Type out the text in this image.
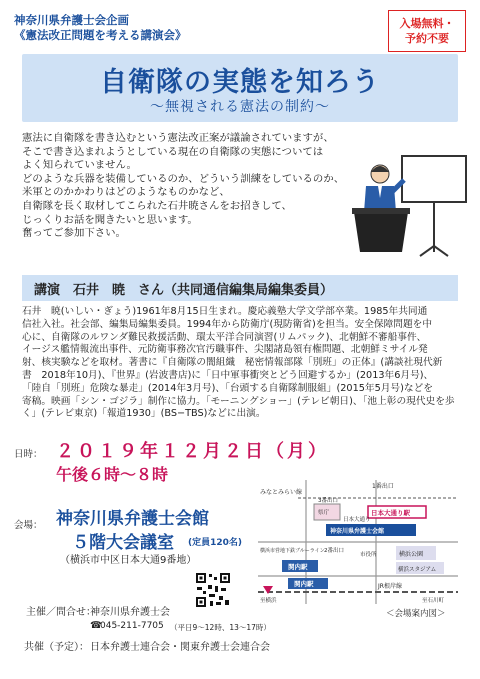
神奈川県弁護士会企画
《憲法改正問題を考える講演会》
入場無料・
予約不要
自衛隊の実態を知ろう
〜無視される憲法の制約〜

憲法に自衛隊を書き込むという憲法改正案が議論されていますが、

そこで書き込まれようとしている現在の自衛隊の実態については

よく知られていません。

どのような兵器を装備しているのか、どういう訓練をしているのか、

米軍とのかかわりはどのようなものかなど、

自衛隊を長く取材してこられた石井暁さんをお招きして、

じっくりお話を聞きたいと思います。

奮ってご参加下さい。

講演　石井　暁　さん（共同通信編集局編集委員）

石井　暁(いしい・ぎょう)1961年8月15日生まれ。慶応義塾大学文学部卒業。1985年共同通

信社入社。社会部、編集局編集委員。1994年から防衛庁(現防衛省)を担当。安全保障問題を中

心に、自衛隊のルワンダ難民救援活動、環太平洋合同演習(リムパック)、北朝鮮不審船事件、

イージス艦情報流出事件、元防衛事務次官汚職事件、尖閣諸島領有権問題、北朝鮮ミサイル発

射、核実験などを取材。著書に『自衛隊の闇組織　秘密情報部隊「別班」の正体』(講談社現代新

書　2018年10月)、『世界』(岩波書店)に「日中軍事衝突とどう回避するか」(2013年6月号)、

「陸自「別班」危険な暴走」(2014年3月号)、「台頭する自衛隊制服組」(2015年5月号)などを

寄稿。映画「シン・ゴジラ」制作に協力。「モーニングショー」(テレビ朝日)、「池上彰の現代史を歩

く」(テレビ東京)「報道1930」(BS−TBS)などに出演。

日時： ２０１９年１２月２日（月）
午後６時〜８時
会場： 神奈川県弁護士会館
５階大会議室 (定員120名)
（横浜市中区日本大通9番地）
1番出口
みなとみらい線
日本大通り駅
3番出口
県庁
日本大通り
神奈川県弁護士会館
横浜公園
横浜スタジアム
市役所
横浜市営地下鉄ブルーライン 2番出口
関内駅
関内駅	JR根岸線
至横浜	至石川町
＜会場案内図＞
主催／問合せ：
神奈川県弁護士会
☎
045-211-7705 （平日9〜12時、13〜17時）
共催（予定）： 日本弁護士連合会・関東弁護士会連合会
